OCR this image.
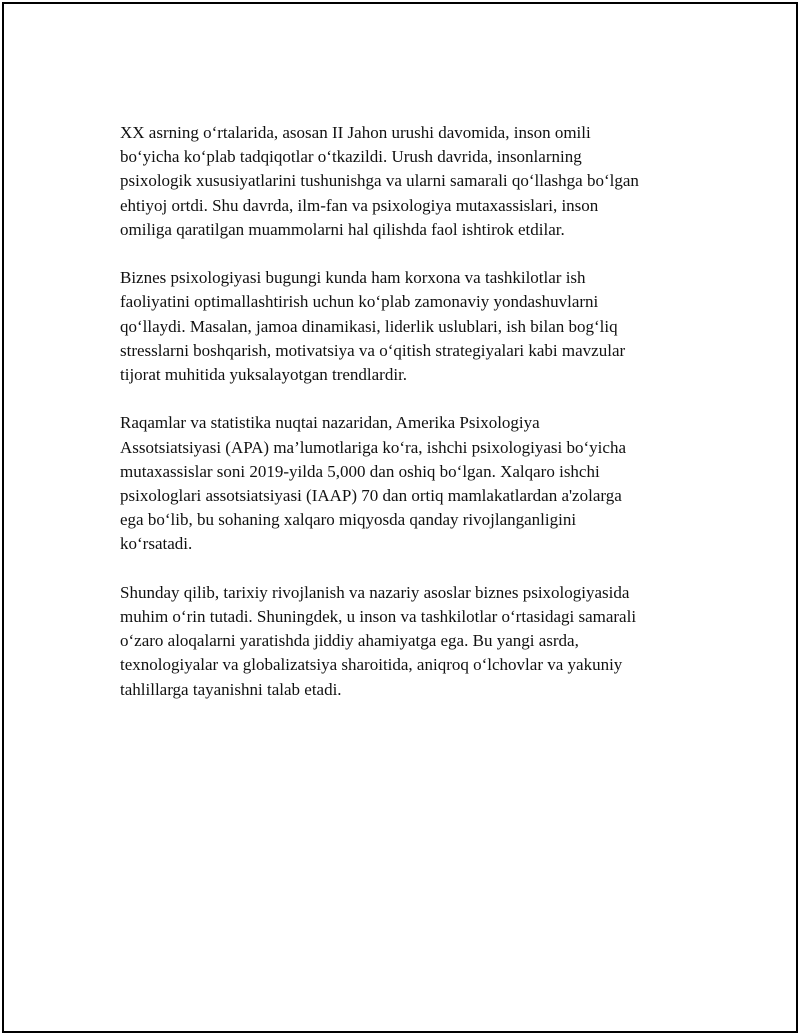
XX asrning o‘rtalarida, asosan II Jahon urushi davomida, inson omili
bo‘yicha ko‘plab tadqiqotlar o‘tkazildi. Urush davrida, insonlarning
psixologik xususiyatlarini tushunishga va ularni samarali qo‘llashga bo‘lgan
ehtiyoj ortdi. Shu davrda, ilm-fan va psixologiya mutaxassislari, inson
omiliga qaratilgan muammolarni hal qilishda faol ishtirok etdilar.

Biznes psixologiyasi bugungi kunda ham korxona va tashkilotlar ish
faoliyatini optimallashtirish uchun ko‘plab zamonaviy yondashuvlarni
qo‘llaydi. Masalan, jamoa dinamikasi, liderlik uslublari, ish bilan bog‘liq
stresslarni boshqarish, motivatsiya va o‘qitish strategiyalari kabi mavzular
tijorat muhitida yuksalayotgan trendlardir.

Raqamlar va statistika nuqtai nazaridan, Amerika Psixologiya
Assotsiatsiyasi (APA) ma’lumotlariga ko‘ra, ishchi psixologiyasi bo‘yicha
mutaxassislar soni 2019-yilda 5,000 dan oshiq bo‘lgan. Xalqaro ishchi
psixologlari assotsiatsiyasi (IAAP) 70 dan ortiq mamlakatlardan a'zolarga
ega bo‘lib, bu sohaning xalqaro miqyosda qanday rivojlanganligini
ko‘rsatadi.

Shunday qilib, tarixiy rivojlanish va nazariy asoslar biznes psixologiyasida
muhim o‘rin tutadi. Shuningdek, u inson va tashkilotlar o‘rtasidagi samarali
o‘zaro aloqalarni yaratishda jiddiy ahamiyatga ega. Bu yangi asrda,
texnologiyalar va globalizatsiya sharoitida, aniqroq o‘lchovlar va yakuniy
tahlillarga tayanishni talab etadi.
